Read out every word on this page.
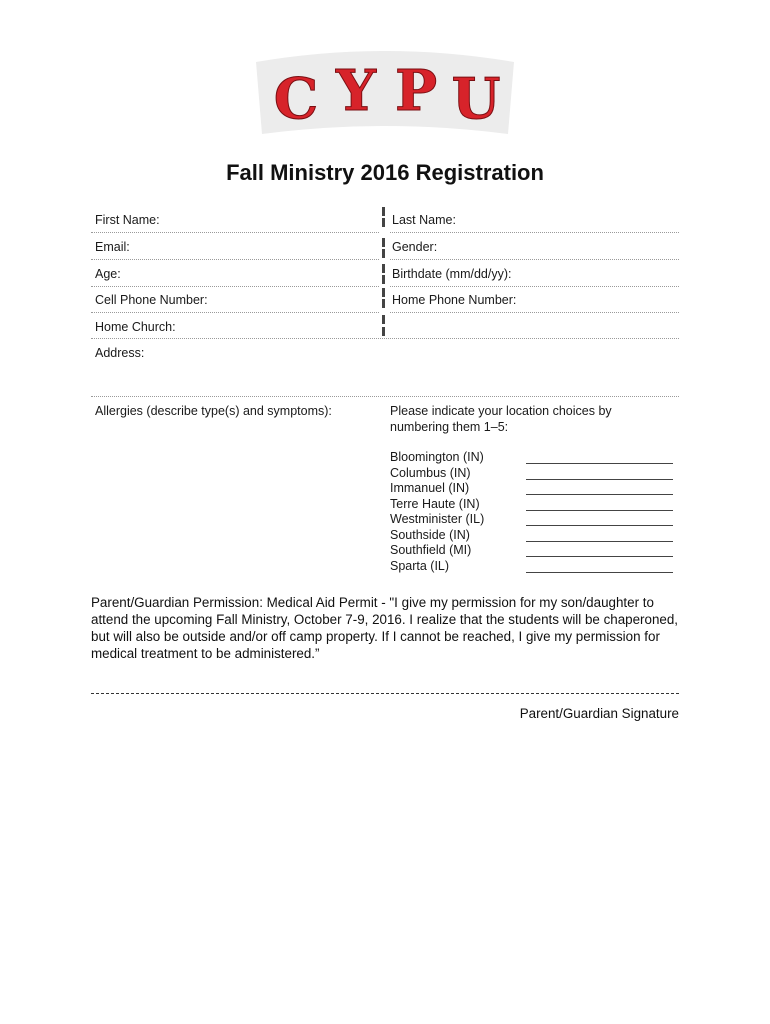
C Y P U
Fall Ministry 2016 Registration
First Name:	Last Name:
Email:	Gender:
Age:	Birthdate (mm/dd/yy):
Cell Phone Number:	Home Phone Number:
Home Church:
Address:
Allergies (describe type(s) and symptoms):	Please indicate your location choices by
numbering them 1–5:
Bloomington (IN)
Columbus (IN)
Immanuel (IN)
Terre Haute (IN)
Westminister (IL)
Southside (IN)
Southfield (MI)
Sparta (IL)
Parent/Guardian Permission: Medical Aid Permit - "I give my permission for my son/daughter to attend the upcoming Fall Ministry, October 7-9, 2016. I realize that the students will be chaperoned, but will also be outside and/or off camp property. If I cannot be reached, I give my permission for medical treatment to be administered.”
Parent/Guardian Signature
